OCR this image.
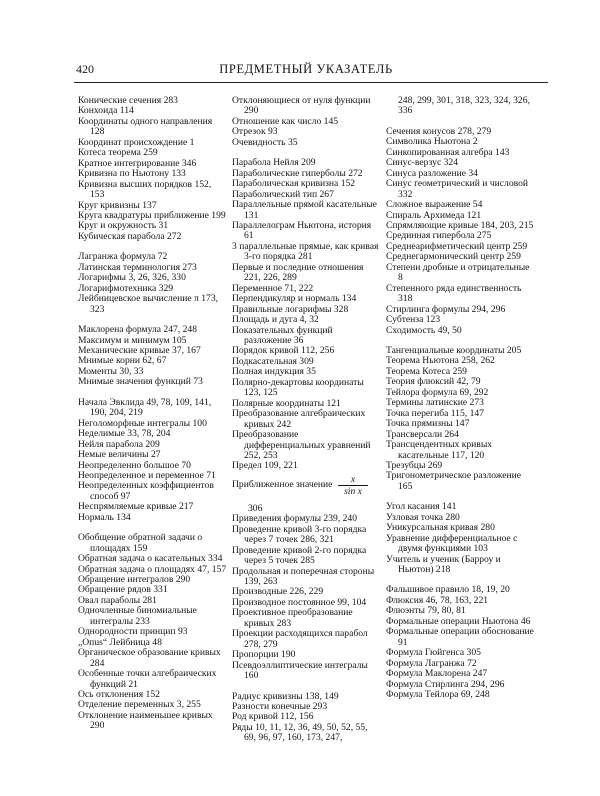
420	ПРЕДМЕТНЫЙ УКАЗАТЕЛЬ

Конические сечения 283

Конхоида 114

Координаты одного направления 128

Координат происхождение 1

Котеса теорема 259

Кратное интегрирование 346

Кривизна по Ньютону 133

Кривизна высших порядков 152, 153

Круг кривизны 137

Круга квадратуры приближение 199

Круг и окружность 31

Кубическая парабола 272

Лагранжа формула 72

Латинская терминология 273

Логарифмы 3, 26, 326, 330

Логарифмотехника 329

Лейбницевское вычисление π 173, 323

Маклорена формула 247, 248

Максимум и минимум 105

Механические кривые 37, 167

Мнимые корни 62, 67

Моменты 30, 33

Мнимые значения функций 73

Начала Эвклида 49, 78, 109, 141, 190, 204, 219

Неголоморфные интегралы 100

Неделимые 33, 78, 204

Нейля парабола 209

Немые величины 27

Неопределенно большое 70

Неопределенное и переменное 71

Неопределенных коэффициентов способ 97

Неспрямляемые кривые 217

Нормаль 134

Обобщение обратной задачи о площадях 159

Обратная задача о касательных 334

Обратная задача о площадях 47, 157

Обращение интегралов 290

Обращение рядов 331

Овал параболы 281

Одночленные биномиальные интегралы 233

Однородности принцип 93

„Опus“ Лейбница 48

Органическое образование кривых 284

Особенные точки алгебраических функций 21

Ось отклонения 152

Отделение переменных 3, 255

Отклонение наименьшее кривых 290

Отклоняющиеся от нуля функции 290

Отношение как число 145

Отрезок 93

Очевидность 35

Парабола Нейля 209

Параболические гиперболы 272

Параболическая кривизна 152

Параболический тип 267

Параллельные прямой касательные 131

Параллелограм Ньютона, история 61

3 параллельные прямые, как кривая 3-го порядка 281

Первые и последние отношения 221, 226, 289

Переменное 71, 222

Перпендикуляр и нормаль 134

Правильные логарифмы 328

Площадь и дуга 4, 32

Показательных функций разложение 36

Порядок кривой 112, 256

Подкасательная 309

Полная индукция 35

Полярно-декартовы координаты 123, 125

Полярные координаты 121

Преобразование алгебраических кривых 242

Преобразование дифференциальных уравнений 252, 253

Предел 109, 221

Приближенное значение $\frac{x}{\text{sin x}}$

306

Приведения формулы 239, 240

Проведение кривой 3-го порядка через 7 точек 286, 321

Проведение кривой 2-го порядка через 5 точек 285

Продольная и поперечная стороны 139, 263

Производные 226, 229

Производное постоянное 99, 104

Проективное преобразование кривых 283

Проекции расходящихся парабол 278, 279

Пропорции 190

Псевдоэллиптические интегралы 160

Радиус кривизны 138, 149

Разности конечные 293

Род кривой 112, 156

Ряды 10, 11, 12, 36, 49, 50, 52, 55, 69, 96, 97, 160, 173, 247,

248, 299, 301, 318, 323, 324, 326, 336

Сечения конусов 278, 279

Символика Ньютона 2

Синкопированная алгебра 143

Синус-верзус 324

Синуса разложение 34

Синус геометрический и числовой 332

Сложное выражение 54

Спираль Архимеда 121

Спрямляющие кривые 184, 203, 215

Срединная гипербола 275

Среднеарифметический центр 259

Среднегармонический центр 259

Степени дробные и отрицательные 8

Степенного ряда единственность 318

Стирлинга формулы 294, 296

Субтенза 123

Сходимость 49, 50

Тангенциальные координаты 205

Теорема Ньютона 258, 262

Теорема Котеса 259

Теория флюксий 42, 79

Тейлора формула 69, 292

Термины латинские 273

Точка перегиба 115, 147

Точка прямизны 147

Трансверсали 264

Трансцендентных кривых касательные 117, 120

Трезубцы 269

Тригонометрическое разложение 165

Угол касания 141

Узловая точка 280

Уникурсальная кривая 280

Уравнение дифференциальное с двумя функциями 103

Учитель и ученик (Барроу и Ньютон) 218

Фальшивое правило 18, 19, 20

Флюксия 46, 78, 163, 221

Флюэнты 79, 80, 81

Формальные операции Ньютона 46

Формальные операции обоснование 91

Формула Гюйгенса 305

Формула Лагранжа 72

Формула Маклорена 247

Формула Стирлинга 294, 296

Формула Тейлора 69, 248
